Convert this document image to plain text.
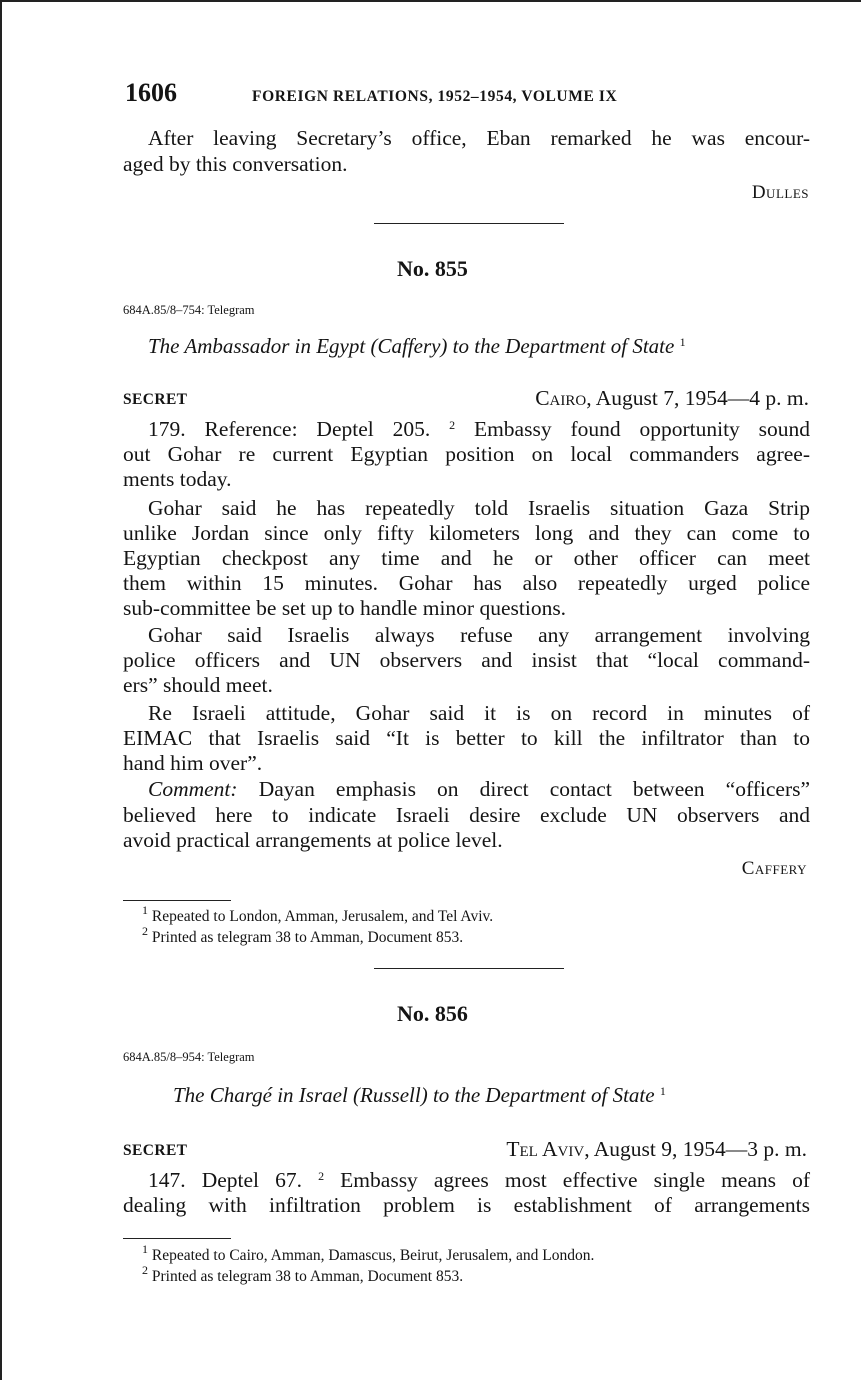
1606	FOREIGN RELATIONS, 1952–1954, VOLUME IX
After leaving Secretary’s office, Eban remarked he was encour-
aged by this conversation.
Dulles
No. 855
684A.85/8–754: Telegram
The Ambassador in Egypt (Caffery) to the Department of State $^1$
SECRET	Cairo, August 7, 1954—4 p. m.
179. Reference: Deptel 205. $^2$ Embassy found opportunity sound
out Gohar re current Egyptian position on local commanders agree-
ments today.
Gohar said he has repeatedly told Israelis situation Gaza Strip
unlike Jordan since only fifty kilometers long and they can come to
Egyptian checkpost any time and he or other officer can meet
them within 15 minutes. Gohar has also repeatedly urged police
sub-committee be set up to handle minor questions.
Gohar said Israelis always refuse any arrangement involving
police officers and UN observers and insist that “local command-
ers” should meet.
Re Israeli attitude, Gohar said it is on record in minutes of
EIMAC that Israelis said “It is better to kill the infiltrator than to
hand him over”.
Comment: Dayan emphasis on direct contact between “officers”
believed here to indicate Israeli desire exclude UN observers and
avoid practical arrangements at police level.
Caffery
$^1$ Repeated to London, Amman, Jerusalem, and Tel Aviv.
$^2$ Printed as telegram 38 to Amman, Document 853.
No. 856
684A.85/8–954: Telegram
The Chargé in Israel (Russell) to the Department of State $^1$
SECRET	Tel Aviv, August 9, 1954—3 p. m.
147. Deptel 67. $^2$ Embassy agrees most effective single means of
dealing with infiltration problem is establishment of arrangements
$^1$ Repeated to Cairo, Amman, Damascus, Beirut, Jerusalem, and London.
$^2$ Printed as telegram 38 to Amman, Document 853.
